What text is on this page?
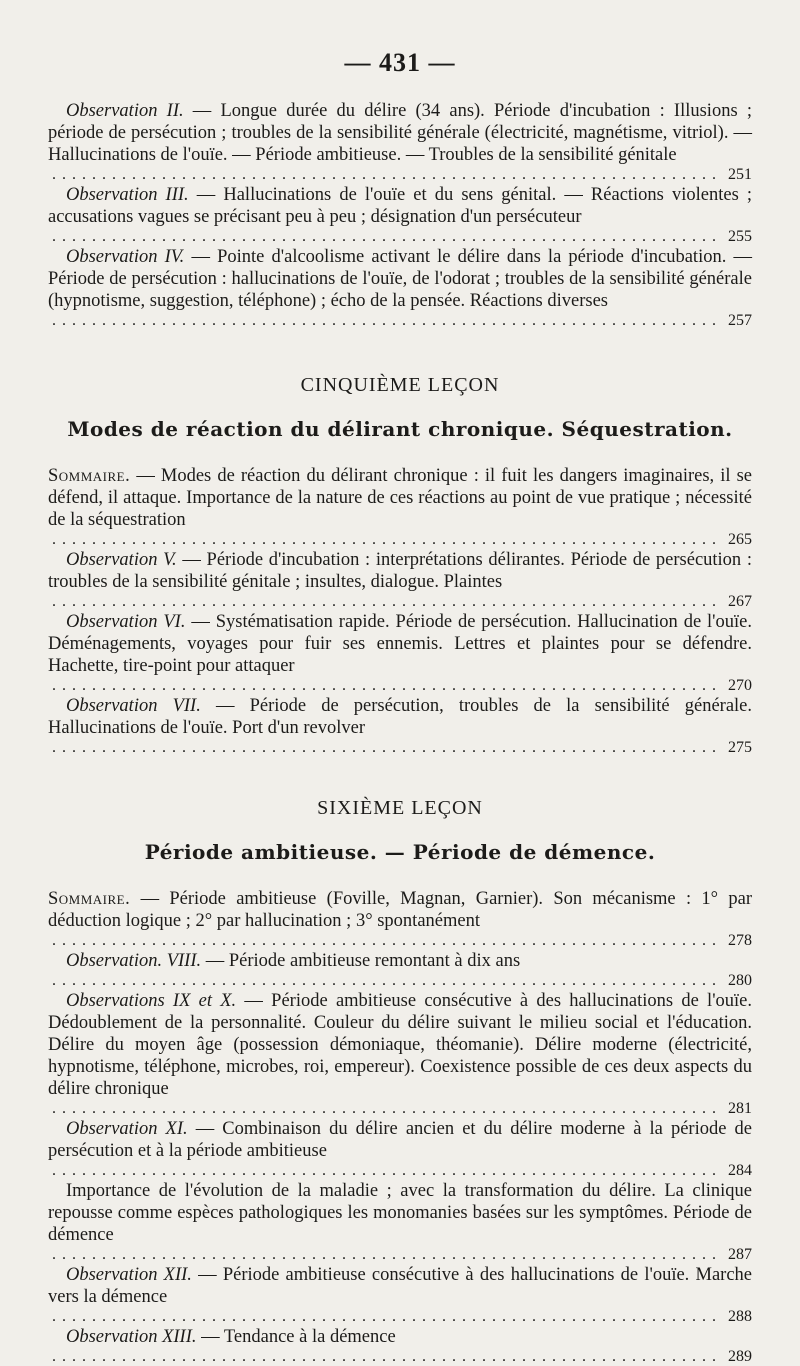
— 431 —

Observation II. — Longue durée du délire (34 ans). Période d'incubation : Illusions ; période de persécution ; troubles de la sensibilité générale (électricité, magnétisme, vitriol). — Hallucinations de l'ouïe. — Période ambitieuse. — Troubles de la sensibilité génitale

. . .
251

Observation III. — Hallucinations de l'ouïe et du sens génital. — Réactions violentes ; accusations vagues se précisant peu à peu ; désignation d'un persécuteur

. . .
255

Observation IV. — Pointe d'alcoolisme activant le délire dans la période d'incubation. — Période de persécution : hallucinations de l'ouïe, de l'odorat ; troubles de la sensibilité générale (hypnotisme, suggestion, téléphone) ; écho de la pensée. Réactions diverses

. . .
257
CINQUIÈME LEÇON
Modes de réaction du délirant chronique. Séquestration.

Sommaire. — Modes de réaction du délirant chronique : il fuit les dangers imaginaires, il se défend, il attaque. Importance de la nature de ces réactions au point de vue pratique ; nécessité de la séquestration

. . .
265

Observation V. — Période d'incubation : interprétations délirantes. Période de persécution : troubles de la sensibilité génitale ; insultes, dialogue. Plaintes

. . .
267

Observation VI. — Systématisation rapide. Période de persécution. Hallucination de l'ouïe. Déménagements, voyages pour fuir ses ennemis. Lettres et plaintes pour se défendre. Hachette, tire-point pour attaquer

. . .
270

Observation VII. — Période de persécution, troubles de la sensibilité générale. Hallucinations de l'ouïe. Port d'un revolver

. . .
275
SIXIÈME LEÇON
Période ambitieuse. — Période de démence.

Sommaire. — Période ambitieuse (Foville, Magnan, Garnier). Son mécanisme : 1° par déduction logique ; 2° par hallucination ; 3° spontanément

. . .
278

Observation. VIII. — Période ambitieuse remontant à dix ans

. . .
280

Observations IX et X. — Période ambitieuse consécutive à des hallucinations de l'ouïe. Dédoublement de la personnalité. Couleur du délire suivant le milieu social et l'éducation. Délire du moyen âge (possession démoniaque, théomanie). Délire moderne (électricité, hypnotisme, téléphone, microbes, roi, empereur). Coexistence possible de ces deux aspects du délire chronique

. . .
281

Observation XI. — Combinaison du délire ancien et du délire moderne à la période de persécution et à la période ambitieuse

. . .
284

Importance de l'évolution de la maladie ; avec la transformation du délire. La clinique repousse comme espèces pathologiques les monomanies basées sur les symptômes. Période de démence

. . .
287

Observation XII. — Période ambitieuse consécutive à des hallucinations de l'ouïe. Marche vers la démence

. . .
288

Observation XIII. — Tendance à la démence

. . .
289
